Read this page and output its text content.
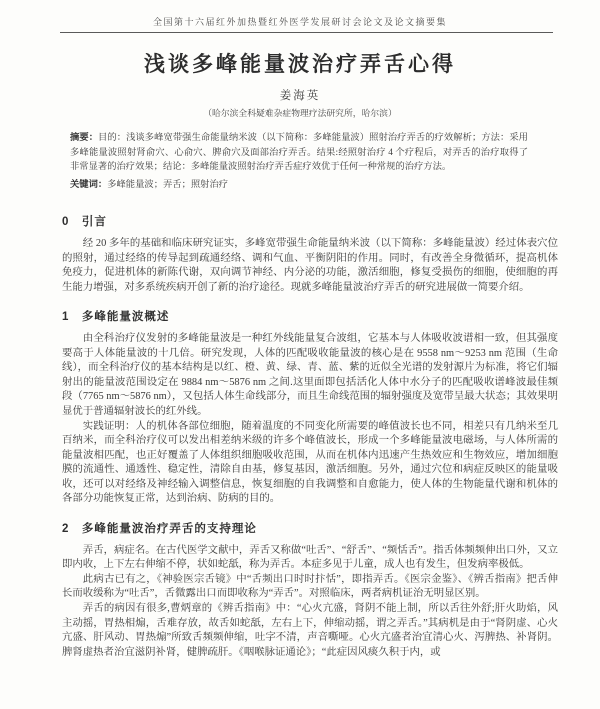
全国第十六届红外加热暨红外医学发展研讨会论文及论文摘要集
浅谈多峰能量波治疗弄舌心得
姜海英
（哈尔滨全科疑难杂症物理疗法研究所，哈尔滨）
摘要：目的：浅谈多峰宽带强生命能量纳米波（以下简称：多峰能量波）照射治疗弄舌的疗效解析；方法：采用多峰能量波照射肾俞穴、心俞穴、脾俞穴及面部治疗弄舌。结果:经照射治疗 4 个疗程后，对弄舌的治疗取得了非常显著的治疗效果；结论：多峰能量波照射治疗弄舌症疗效优于任何一种常规的治疗方法。
关键词：多峰能量波；弄舌；照射治疗
0　引言

经 20 多年的基础和临床研究证实，多峰宽带强生命能量纳米波（以下简称：多峰能量波）经过体表穴位的照射，通过经络的传导起到疏通经络、调和气血、平衡阴阳的作用。同时，有改善全身微循环，提高机体免疫力，促进机体的新陈代谢，双向调节神经、内分泌的功能，激活细胞，修复受损伤的细胞，使细胞的再生能力增强，对多系统疾病开创了新的治疗途径。现就多峰能量波治疗弄舌的研究进展做一简要介绍。

1　多峰能量波概述

由全科治疗仪发射的多峰能量波是一种红外线能量复合波组，它基本与人体吸收波谱相一致，但其强度要高于人体能量波的十几倍。研究发现，人体的匹配吸收能量波的核心是在 9558 nm～9253 nm 范围（生命线），而全科治疗仪的基本结构是以红、橙、黄、绿、青、蓝、紫的近似全光谱的发射源片为标准，将它们辐射出的能量波范围设定在 9884 nm～5876 nm 之间.这里面即包括活化人体中水分子的匹配吸收谱峰波最佳频段（7765 nm～5876 nm），又包括人体生命线部分，而且生命线范围的辐射强度及宽带呈最大状态；其效果明显优于普通辐射波长的红外线。

实践证明：人的机体各部位细胞，随着温度的不同变化所需要的峰值波长也不同，相差只有几纳米至几百纳米，而全科治疗仪可以发出相差纳米级的许多个峰值波长，形成一个多峰能量波电磁场，与人体所需的能量波相匹配，也正好覆盖了人体组织细胞吸收范围，从而在机体内迅速产生热效应和生物效应，增加细胞膜的流通性、通透性、稳定性，清除自由基，修复基因，激活细胞。另外，通过穴位和病症反映区的能量吸收，还可以对经络及神经输入调整信息，恢复细胞的自我调整和自愈能力，使人体的生物能量代谢和机体的各部分功能恢复正常，达到治病、防病的目的。

2　多峰能量波治疗弄舌的支持理论

弄舌，病症名。在古代医学文献中，弄舌又称做“吐舌”、“舒舌”、“频恬舌”。指舌体频频伸出口外，又立即内收，上下左右伸缩不停，状如蛇舐，称为弄舌。本症多见于儿童，成人也有发生，但发病率极低。

此病古已有之，《神验医宗舌镜》中“舌频出口时时抃恬”，即指弄舌。《医宗金鉴》、《辨舌指南》把舌伸长而收缓称为“吐舌”，舌微露出口而即收称为“弄舌”。对照临床，两者病机证治无明显区别。

弄舌的病因有很多,曹炳章的《辨舌指南》中：“心火亢盛，肾阴不能上制，所以舌往外舒;肝火助焰，风主动摇，胃热相煽，舌难存放，故舌如蛇舐，左右上下，伸缩动摇，谓之弄舌。”其病机是由于“肾阴虚、心火亢盛、肝风动、胃热煽”所致舌频频伸缩，吐字不清，声音嘶哑。心火亢盛者治宜清心火、泻脾热、补肾阴。脾肾虚热者治宜滋阴补肾，健脾疏肝。《咽喉脉证通论》；“此症因风痰久积于内，或
